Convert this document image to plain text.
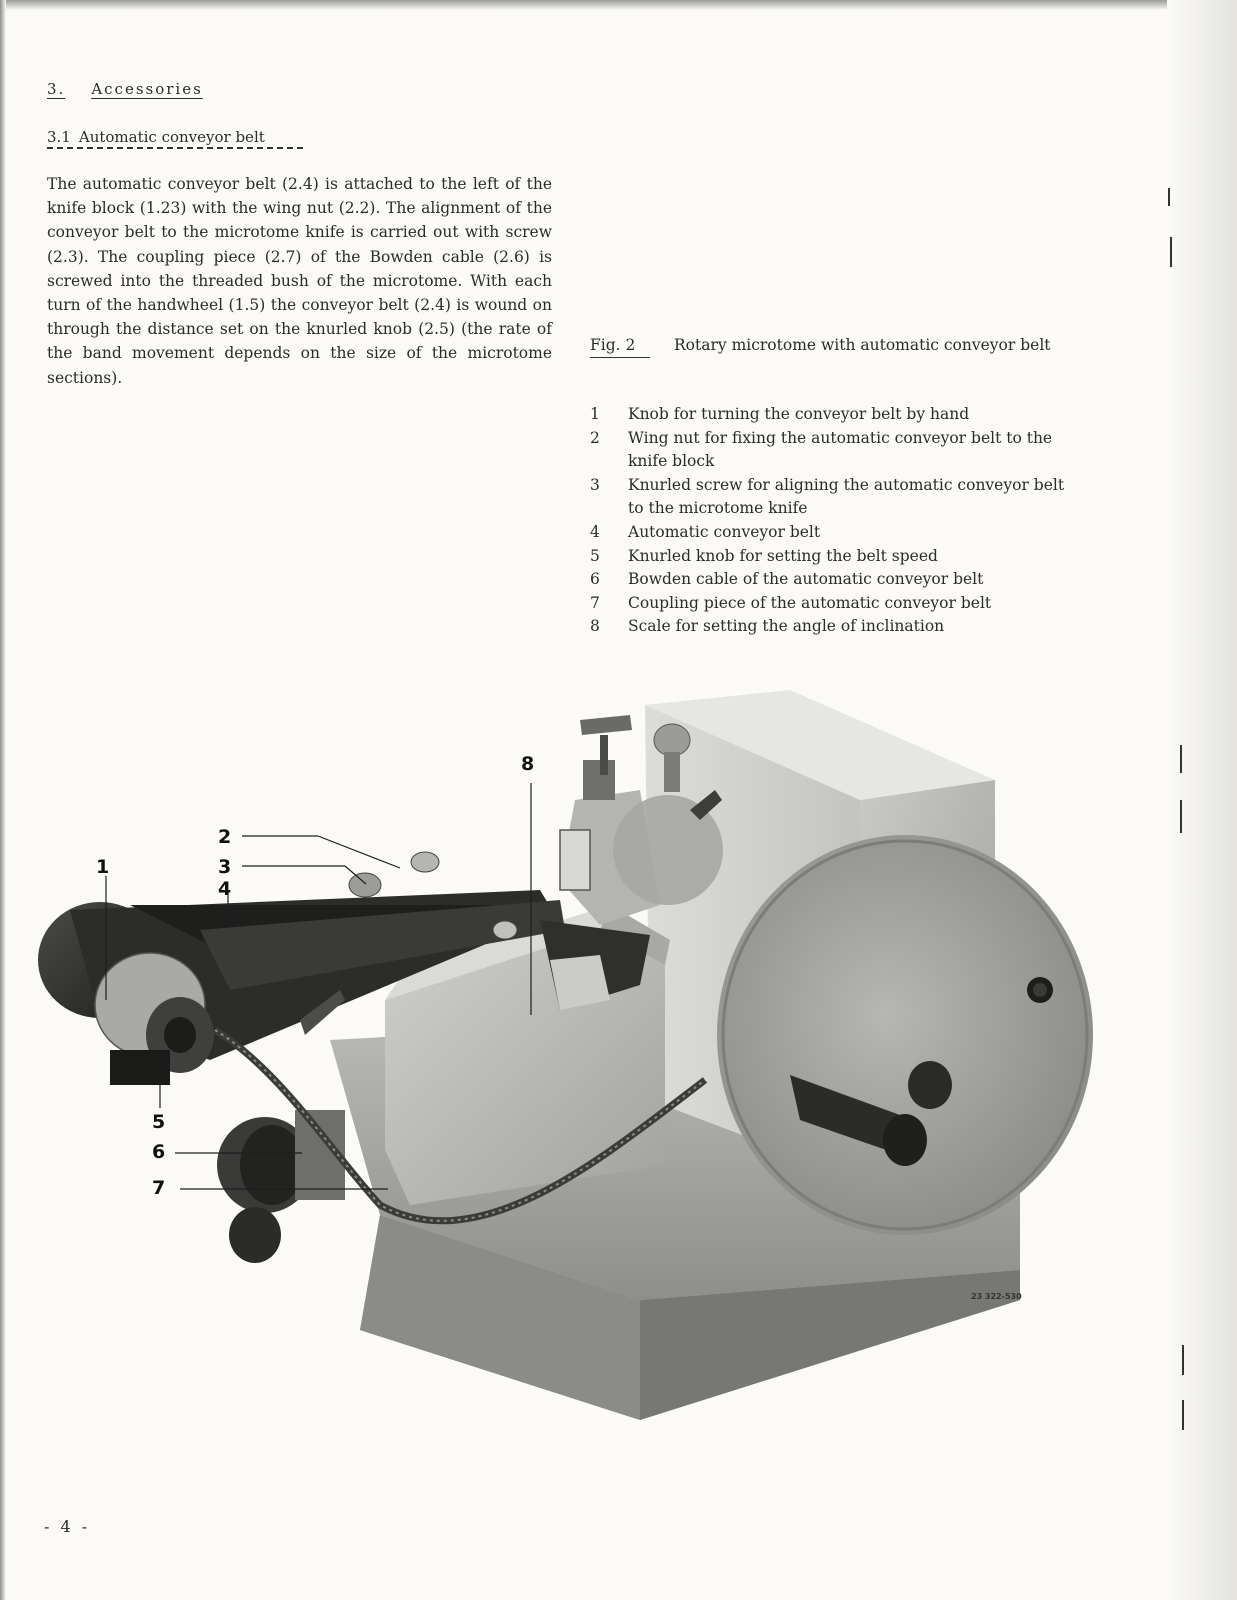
3. Accessories
3.1 Automatic conveyor belt
The automatic conveyor belt (2.4) is attached to the left of the knife block (1.23) with the wing nut (2.2). The alignment of the conveyor belt to the microtome knife is carried out with screw (2.3). The coupling piece (2.7) of the Bowden cable (2.6) is screwed into the threaded bush of the microtome. With each turn of the handwheel (1.5) the conveyor belt (2.4) is wound on through the distance set on the knurled knob (2.5) (the rate of the band movement depends on the size of the microtome sections).
Fig. 2	Rotary microtome with automatic conveyor belt
1	Knob for turning the conveyor belt by hand
2	Wing nut for fixing the automatic conveyor belt to the knife block
3	Knurled screw for aligning the automatic conveyor belt to the microtome knife
4	Automatic conveyor belt
5	Knurled knob for setting the belt speed
6	Bowden cable of the automatic conveyor belt
7	Coupling piece of the automatic conveyor belt
8	Scale for setting the angle of inclination
23 322-530
1
2
3
4
5
6
7
8
- 4 -
